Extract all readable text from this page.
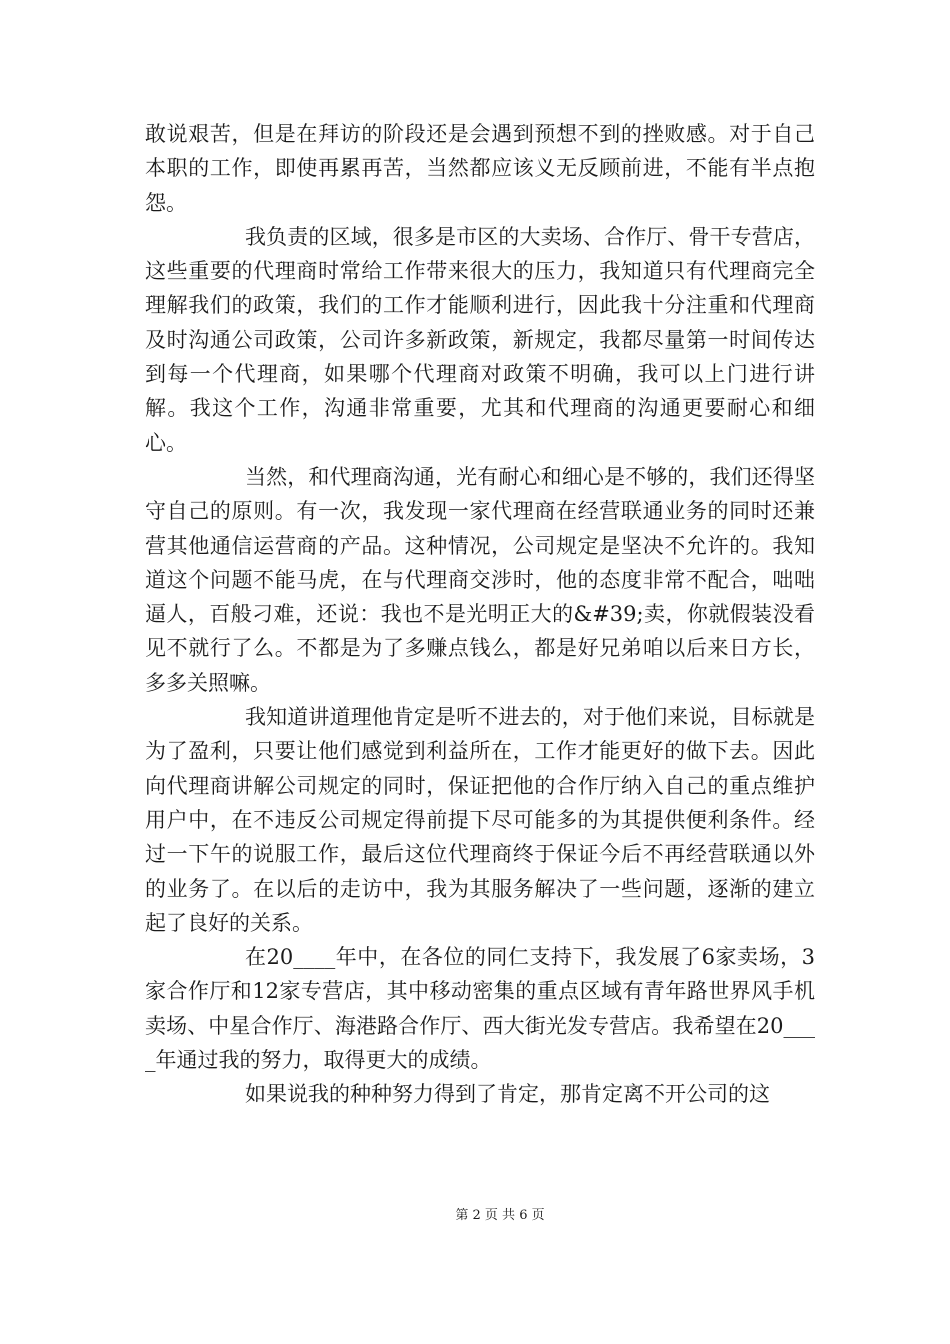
敢说艰苦，但是在拜访的阶段还是会遇到预想不到的挫败感。对于自己本职的工作，即使再累再苦，当然都应该义无反顾前进，不能有半点抱怨。

我负责的区域，很多是市区的大卖场、合作厅、骨干专营店，这些重要的代理商时常给工作带来很大的压力，我知道只有代理商完全理解我们的政策，我们的工作才能顺利进行，因此我十分注重和代理商及时沟通公司政策，公司许多新政策，新规定，我都尽量第一时间传达到每一个代理商，如果哪个代理商对政策不明确，我可以上门进行讲解。我这个工作，沟通非常重要，尤其和代理商的沟通更要耐心和细心。

当然，和代理商沟通，光有耐心和细心是不够的，我们还得坚守自己的原则。有一次，我发现一家代理商在经营联通业务的同时还兼营其他通信运营商的产品。这种情况，公司规定是坚决不允许的。我知道这个问题不能马虎，在与代理商交涉时，他的态度非常不配合，咄咄逼人，百般刁难，还说：我也不是光明正大的&#39;卖，你就假装没看见不就行了么。不都是为了多赚点钱么，都是好兄弟咱以后来日方长，多多关照嘛。

我知道讲道理他肯定是听不进去的，对于他们来说，目标就是为了盈利，只要让他们感觉到利益所在，工作才能更好的做下去。因此向代理商讲解公司规定的同时，保证把他的合作厅纳入自己的重点维护用户中，在不违反公司规定得前提下尽可能多的为其提供便利条件。经过一下午的说服工作，最后这位代理商终于保证今后不再经营联通以外的业务了。在以后的走访中，我为其服务解决了一些问题，逐渐的建立起了良好的关系。

在20____年中，在各位的同仁支持下，我发展了6家卖场，3家合作厅和12家专营店，其中移动密集的重点区域有青年路世界风手机卖场、中星合作厅、海港路合作厅、西大街光发专营店。我希望在20____年通过我的努力，取得更大的成绩。

如果说我的种种努力得到了肯定，那肯定离不开公司的这

第 2 页 共 6 页
